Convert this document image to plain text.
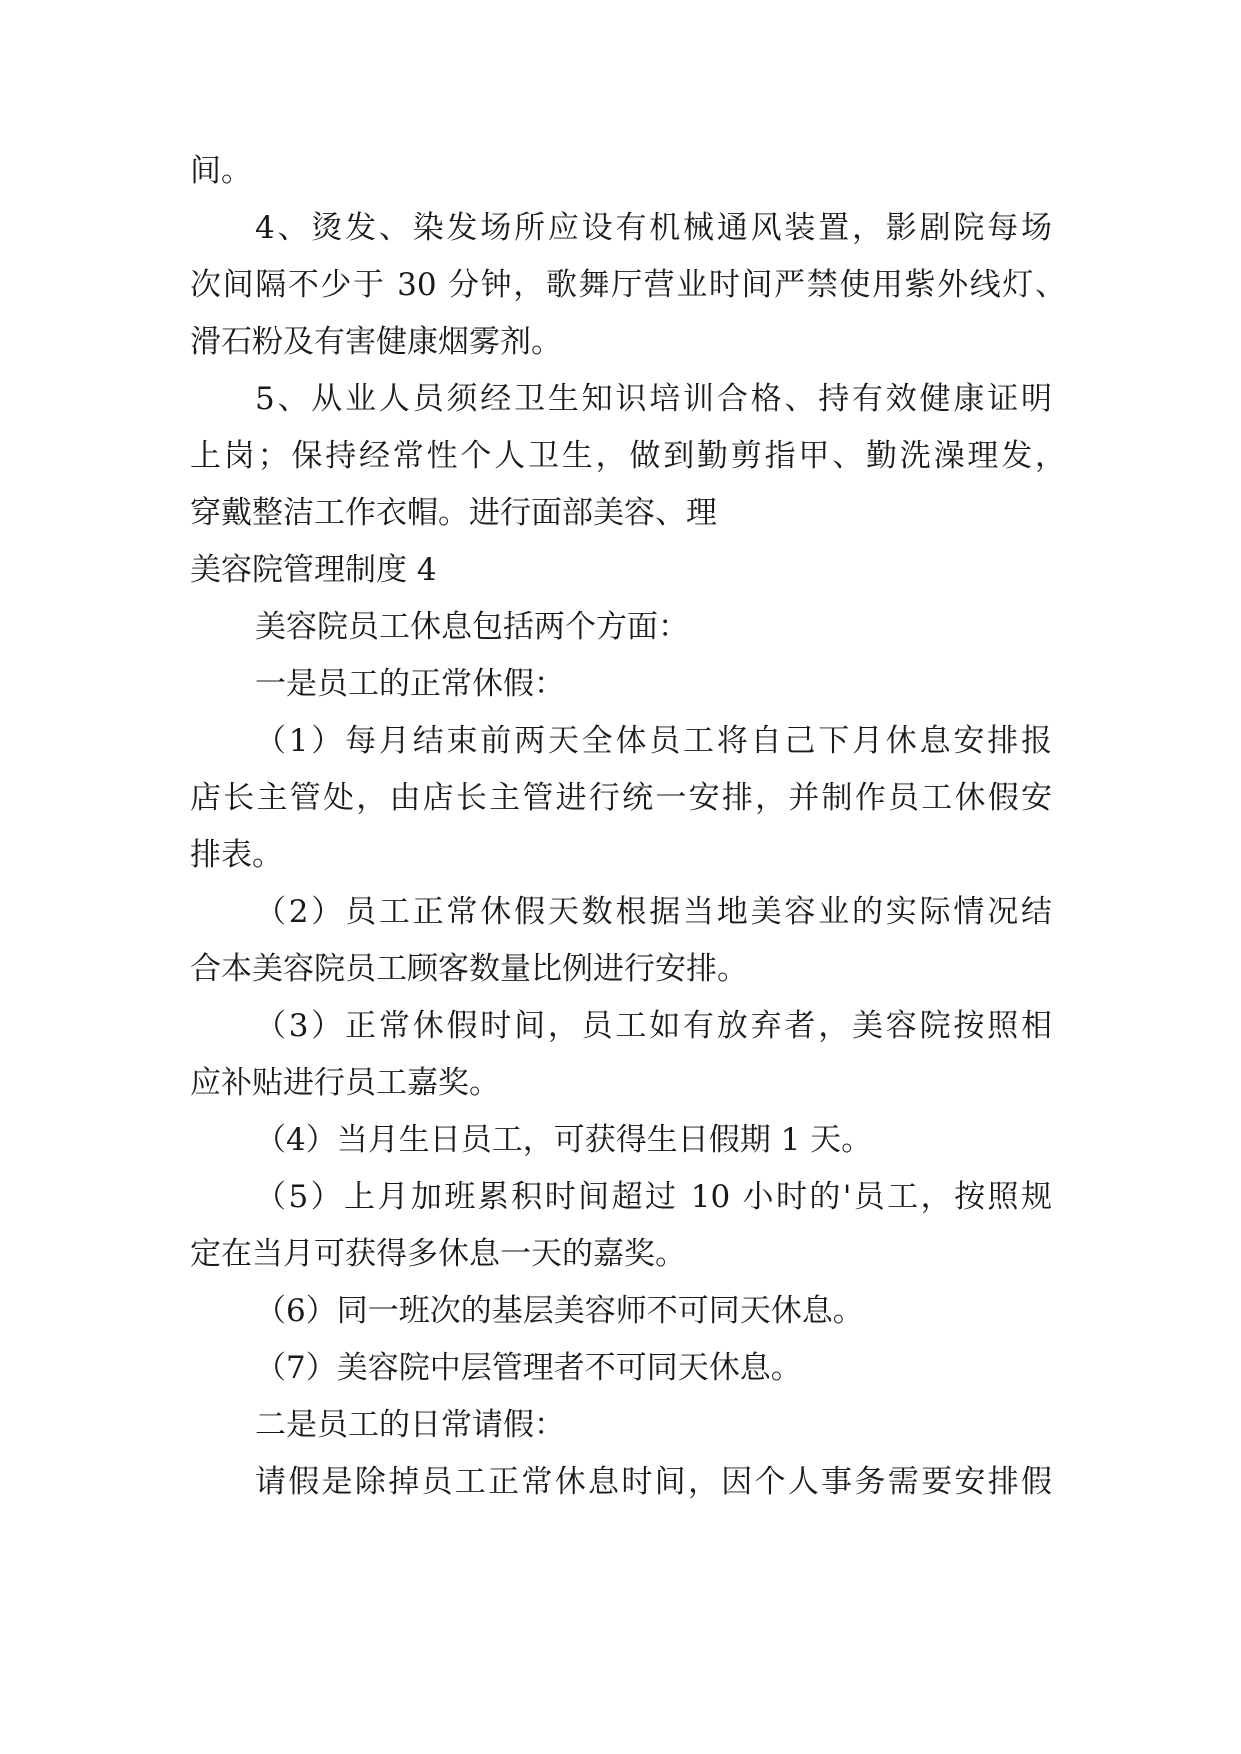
间。
4、烫发、染发场所应设有机械通风装置，影剧院每场
次间隔不少于 30 分钟，歌舞厅营业时间严禁使用紫外线灯、
滑石粉及有害健康烟雾剂。
5、从业人员须经卫生知识培训合格、持有效健康证明
上岗；保持经常性个人卫生，做到勤剪指甲、勤洗澡理发，
穿戴整洁工作衣帽。进行面部美容、理
美容院管理制度 4
美容院员工休息包括两个方面：
一是员工的正常休假：
（1）每月结束前两天全体员工将自己下月休息安排报
店长主管处，由店长主管进行统一安排，并制作员工休假安
排表。
（2）员工正常休假天数根据当地美容业的实际情况结
合本美容院员工顾客数量比例进行安排。
（3）正常休假时间，员工如有放弃者，美容院按照相
应补贴进行员工嘉奖。
（4）当月生日员工，可获得生日假期 1 天。
（5）上月加班累积时间超过 10 小时的'员工，按照规
定在当月可获得多休息一天的嘉奖。
（6）同一班次的基层美容师不可同天休息。
（7）美容院中层管理者不可同天休息。
二是员工的日常请假：
请假是除掉员工正常休息时间，因个人事务需要安排假
